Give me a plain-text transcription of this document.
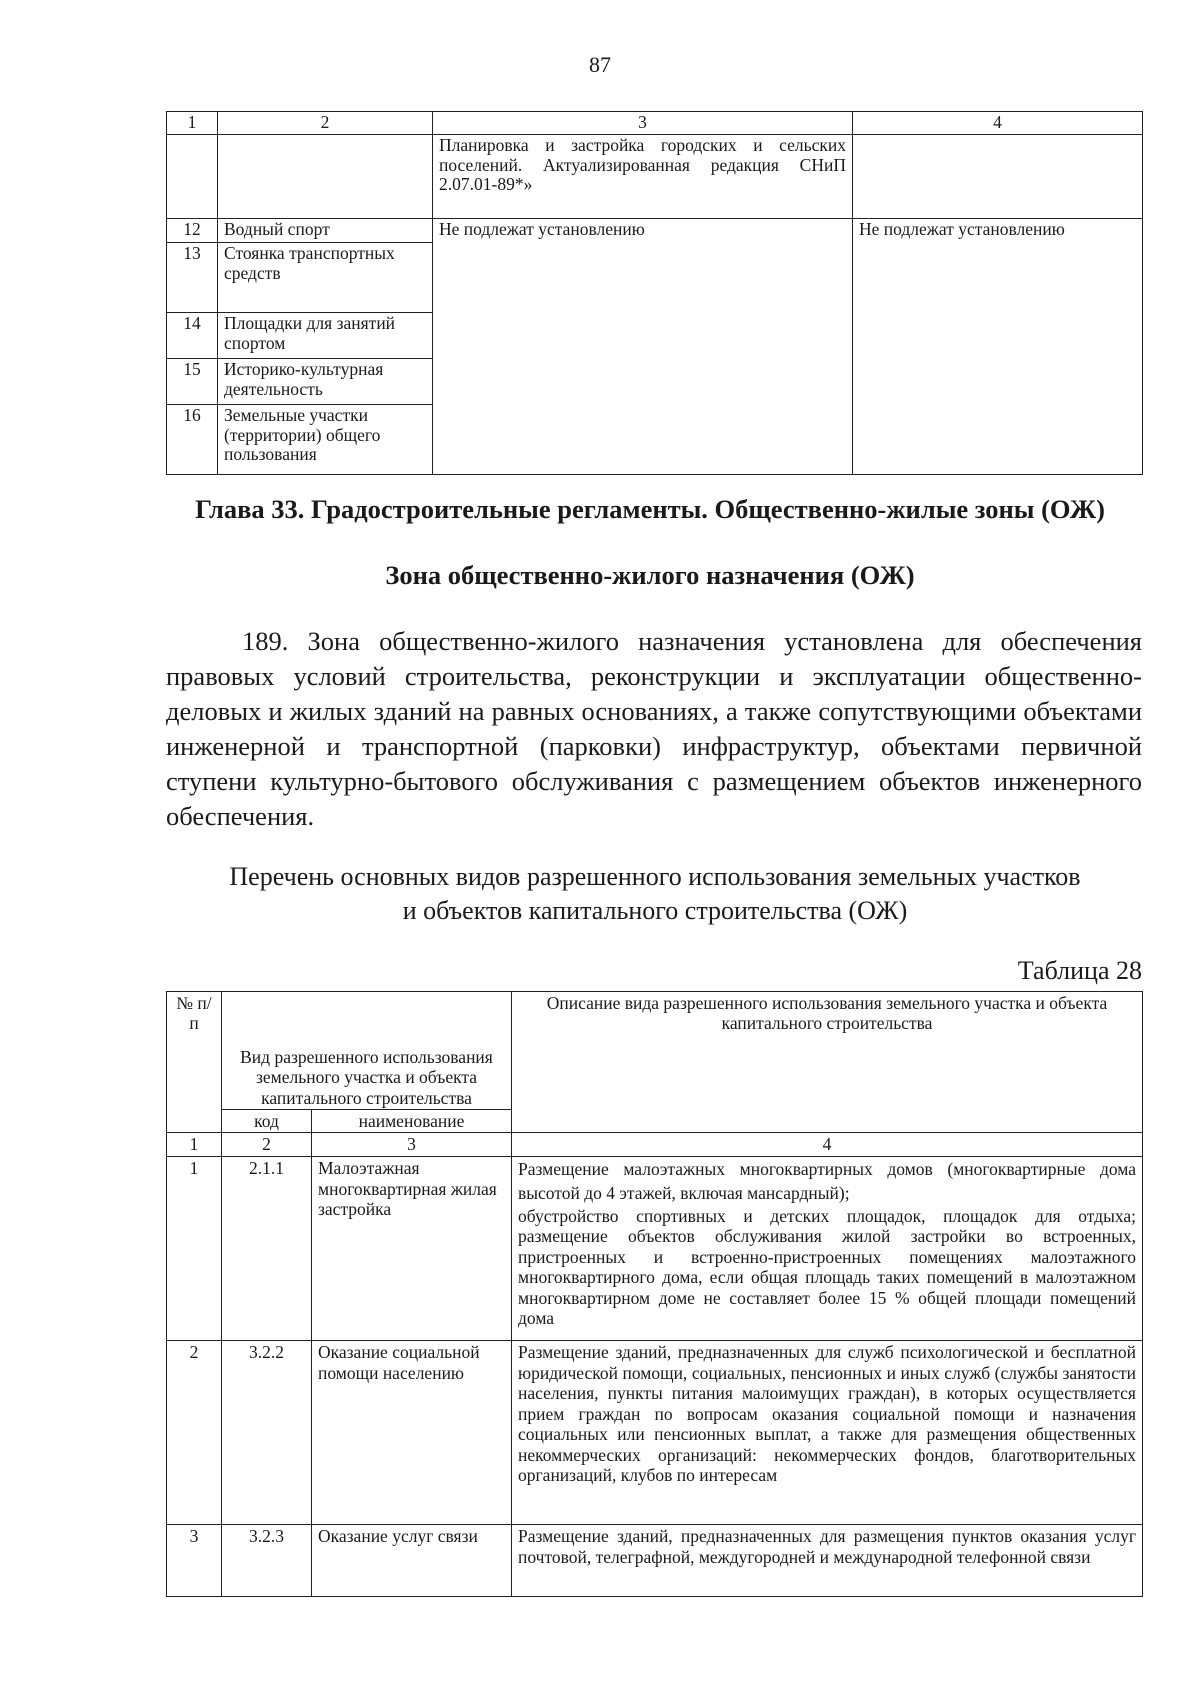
87
1	2	3	4
		Планировка и застройка городских и сельских поселений. Актуализированная редакция СНиП 2.07.01-89*»	
12	Водный спорт	Не подлежат установлению	Не подлежат установлению
13	Стоянка транспортных средств		
14	Площадки для занятий спортом		
15	Историко-культурная деятельность		
16	Земельные участки (территории) общего пользования		
Глава 33. Градостроительные регламенты. Общественно-жилые зоны (ОЖ)
Зона общественно-жилого назначения (ОЖ)

189. Зона общественно-жилого назначения установлена для обеспечения правовых условий строительства, реконструкции и эксплуатации общественно-деловых и жилых зданий на равных основаниях, а также сопутствующими объектами инженерной и транспортной (парковки) инфраструктур, объектами первичной ступени культурно-бытового обслуживания с размещением объектов инженерного обеспечения.

Перечень основных видов разрешенного использования земельных участков
и объектов капитального строительства (ОЖ)
Таблица 28
№ п/п	Вид разрешенного использования земельного участка и объекта капитального строительства		Описание вида разрешенного использования земельного участка и объекта капитального строительства
	код	наименование	
1	2	3	4
1	2.1.1	Малоэтажная многоквартирная жилая застройка	Размещение малоэтажных многоквартирных домов (многоквартирные дома высотой до 4 этажей, включая мансардный);

обустройство спортивных и детских площадок, площадок для отдыха; размещение объектов обслуживания жилой застройки во встроенных, пристроенных и встроенно-пристроенных помещениях малоэтажного многоквартирного дома, если общая площадь таких помещений в малоэтажном многоквартирном доме не составляет более 15 % общей площади помещений дома

2	3.2.2	Оказание социальной помощи населению	Размещение зданий, предназначенных для служб психологической и бесплатной юридической помощи, социальных, пенсионных и иных служб (службы занятости населения, пункты питания малоимущих граждан), в которых осуществляется прием граждан по вопросам оказания социальной помощи и назначения социальных или пенсионных выплат, а также для размещения общественных некоммерческих организаций: некоммерческих фондов, благотворительных организаций, клубов по интересам

3	3.2.3	Оказание услуг связи	Размещение зданий, предназначенных для размещения пунктов оказания услуг почтовой, телеграфной, междугородней и международной телефонной связи
